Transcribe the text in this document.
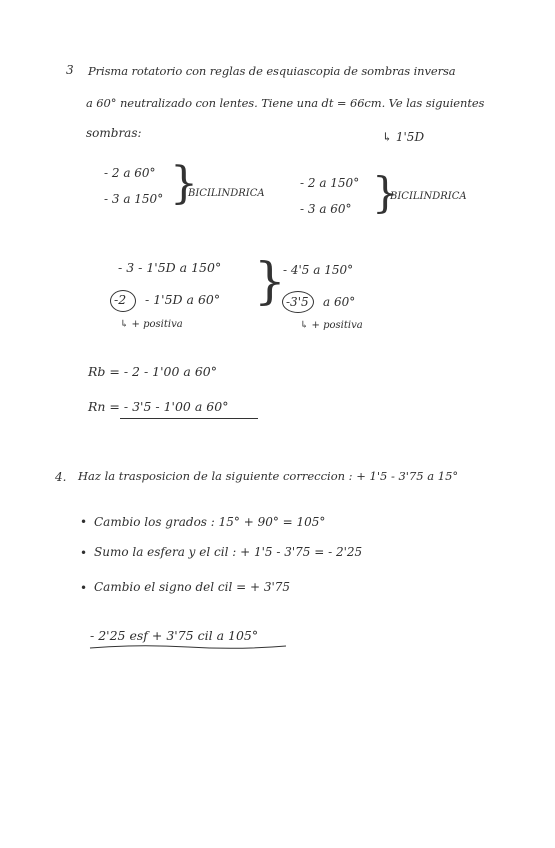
3 Prisma rotatorio con reglas de esquiascopia de sombras inversa
a 60° neutralizado con lentes. Tiene una dt = 66cm. Ve las siguientes
sombras:	↳ 1'5D
- 2 a 60°
- 3 a 150° }
BICILINDRICA
- 2 a 150°
- 3 a 60° }
BICILINDRICA
- 3 - 1'5D a 150°
-2 - 1'5D a 60° }
↳ + positiva
- 4'5 a 150°
-3'5 a 60°
↳ + positiva
Rb = - 2 - 1'00 a 60°
Rn = - 3'5 - 1'00 a 60°
4. Haz la trasposicion de la siguiente correccion : + 1'5 - 3'75 a 15°
• Cambio los grados : 15° + 90° = 105°
• Sumo la esfera y el cil : + 1'5 - 3'75 = - 2'25
• Cambio el signo del cil = + 3'75
- 2'25 esf + 3'75 cil a 105°
